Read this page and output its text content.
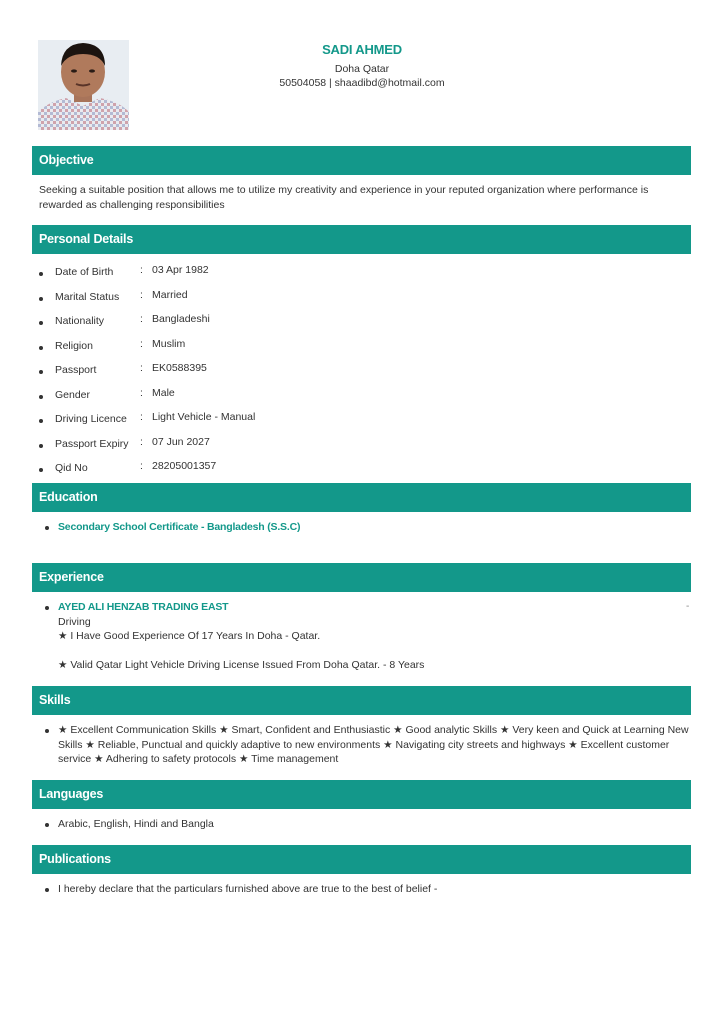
SADI AHMED
Doha Qatar
50504058 | shaadibd@hotmail.com
Objective
Seeking a suitable position that allows me to utilize my creativity and experience in your reputed organization where performance is rewarded as challenging responsibilities
Personal Details
Date of Birth	: 03 Apr 1982
Marital Status : Married
Nationality	: Bangladeshi
Religion	: Muslim
Passport	: EK0588395
Gender	: Male
Driving Licence : Light Vehicle - Manual
Passport Expiry : 07 Jun 2027
Qid No	: 28205001357
Education
Secondary School Certificate - Bangladesh (S.S.C)
Experience
AYED ALI HENZAB TRADING EAST
Driving
★ I Have Good Experience Of 17 Years In Doha - Qatar.
★ Valid Qatar Light Vehicle Driving License Issued From Doha Qatar. - 8 Years
-
Skills
★ Excellent Communication Skills ★ Smart, Confident and Enthusiastic ★ Good analytic Skills ★ Very keen and Quick at Learning New Skills ★ Reliable, Punctual and quickly adaptive to new environments ★ Navigating city streets and highways ★ Excellent customer service ★ Adhering to safety protocols ★ Time management
Languages
Arabic, English, Hindi and Bangla
Publications
I hereby declare that the particulars furnished above are true to the best of belief -
